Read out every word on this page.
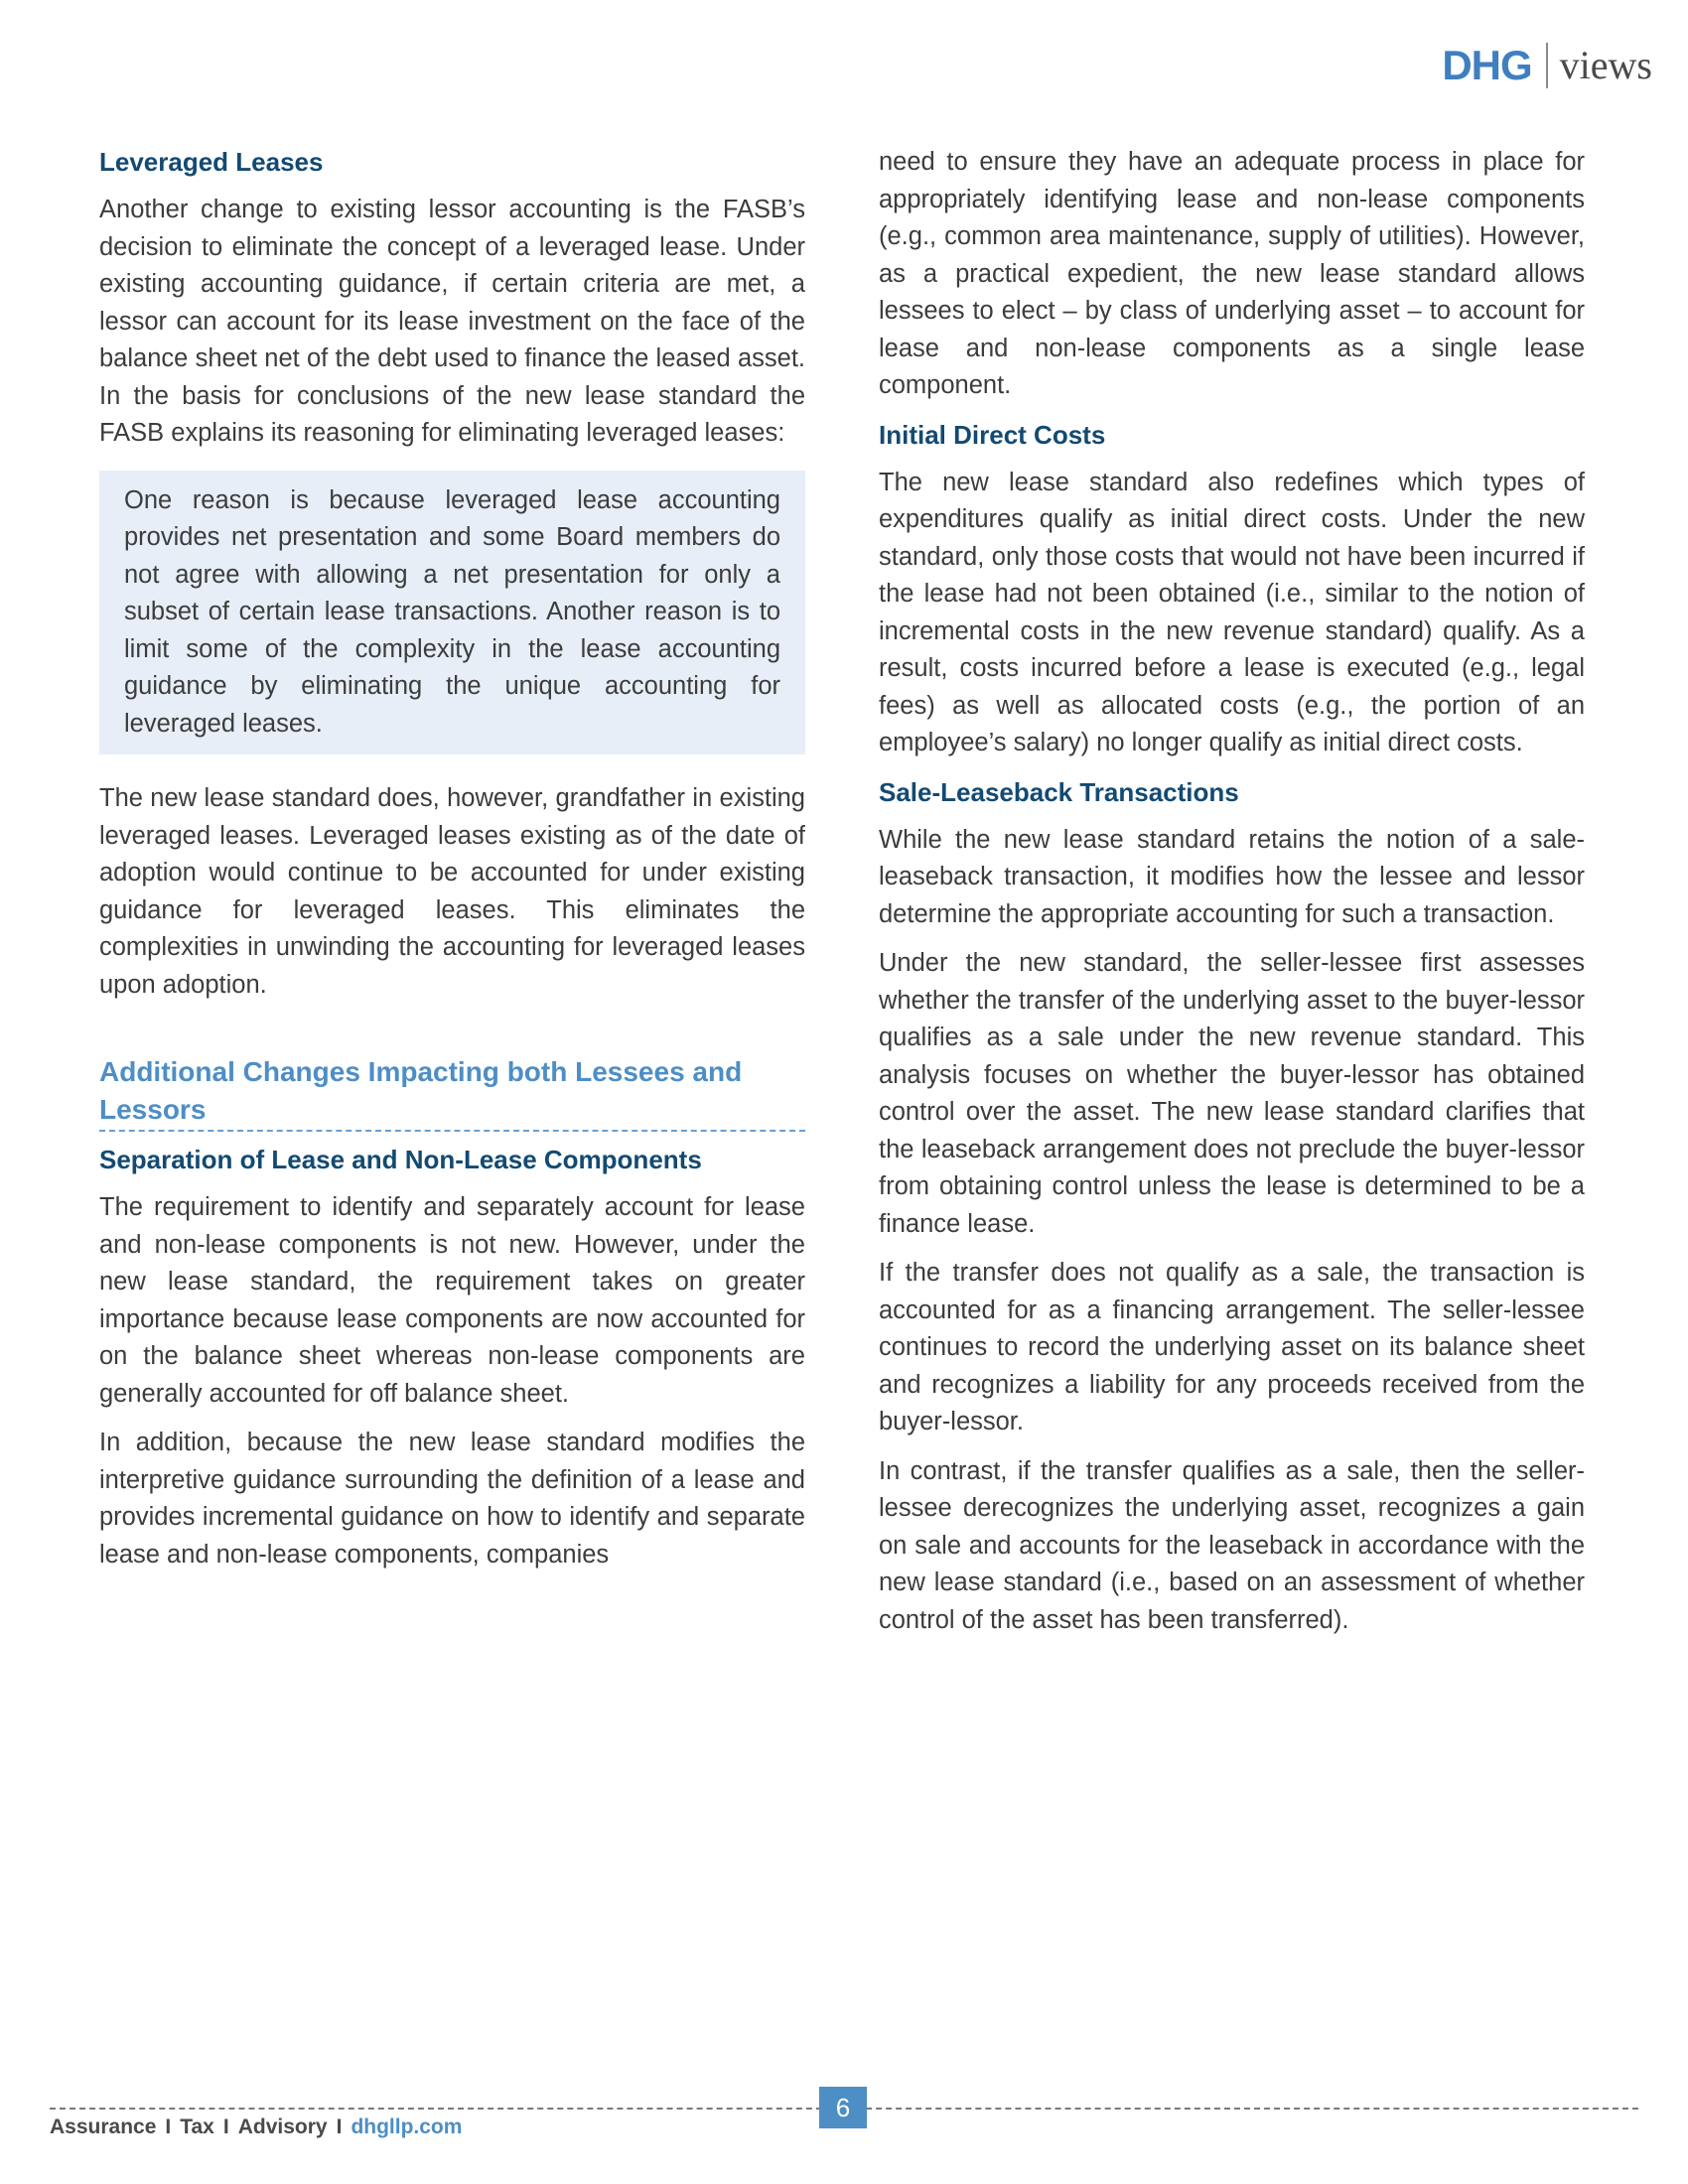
DHG views
Leveraged Leases

Another change to existing lessor accounting is the FASB’s decision to eliminate the concept of a leveraged lease. Under existing accounting guidance, if certain criteria are met, a lessor can account for its lease investment on the face of the balance sheet net of the debt used to finance the leased asset. In the basis for conclusions of the new lease standard the FASB explains its reasoning for eliminating leveraged leases:

One reason is because leveraged lease accounting provides net presentation and some Board members do not agree with allowing a net presentation for only a subset of certain lease transactions. Another reason is to limit some of the complexity in the lease accounting guidance by eliminating the unique accounting for leveraged leases.

The new lease standard does, however, grandfather in existing leveraged leases. Leveraged leases existing as of the date of adoption would continue to be accounted for under existing guidance for leveraged leases. This eliminates the complexities in unwinding the accounting for leveraged leases upon adoption.

Additional Changes Impacting both Lessees and Lessors
Separation of Lease and Non-Lease Components

The requirement to identify and separately account for lease and non-lease components is not new. However, under the new lease standard, the requirement takes on greater importance because lease components are now accounted for on the balance sheet whereas non-lease components are generally accounted for off balance sheet.

In addition, because the new lease standard modifies the interpretive guidance surrounding the definition of a lease and provides incremental guidance on how to identify and separate lease and non-lease components, companies

need to ensure they have an adequate process in place for appropriately identifying lease and non-lease components (e.g., common area maintenance, supply of utilities). However, as a practical expedient, the new lease standard allows lessees to elect – by class of underlying asset – to account for lease and non-lease components as a single lease component.

Initial Direct Costs

The new lease standard also redefines which types of expenditures qualify as initial direct costs. Under the new standard, only those costs that would not have been incurred if the lease had not been obtained (i.e., similar to the notion of incremental costs in the new revenue standard) qualify. As a result, costs incurred before a lease is executed (e.g., legal fees) as well as allocated costs (e.g., the portion of an employee’s salary) no longer qualify as initial direct costs.

Sale-Leaseback Transactions

While the new lease standard retains the notion of a sale-leaseback transaction, it modifies how the lessee and lessor determine the appropriate accounting for such a transaction.

Under the new standard, the seller-lessee first assesses whether the transfer of the underlying asset to the buyer-lessor qualifies as a sale under the new revenue standard. This analysis focuses on whether the buyer-lessor has obtained control over the asset. The new lease standard clarifies that the leaseback arrangement does not preclude the buyer-lessor from obtaining control unless the lease is determined to be a finance lease.

If the transfer does not qualify as a sale, the transaction is accounted for as a financing arrangement. The seller-lessee continues to record the underlying asset on its balance sheet and recognizes a liability for any proceeds received from the buyer-lessor.

In contrast, if the transfer qualifies as a sale, then the seller-lessee derecognizes the underlying asset, recognizes a gain on sale and accounts for the leaseback in accordance with the new lease standard (i.e., based on an assessment of whether control of the asset has been transferred).

6
Assurance I Tax I Advisory I dhgllp.com
